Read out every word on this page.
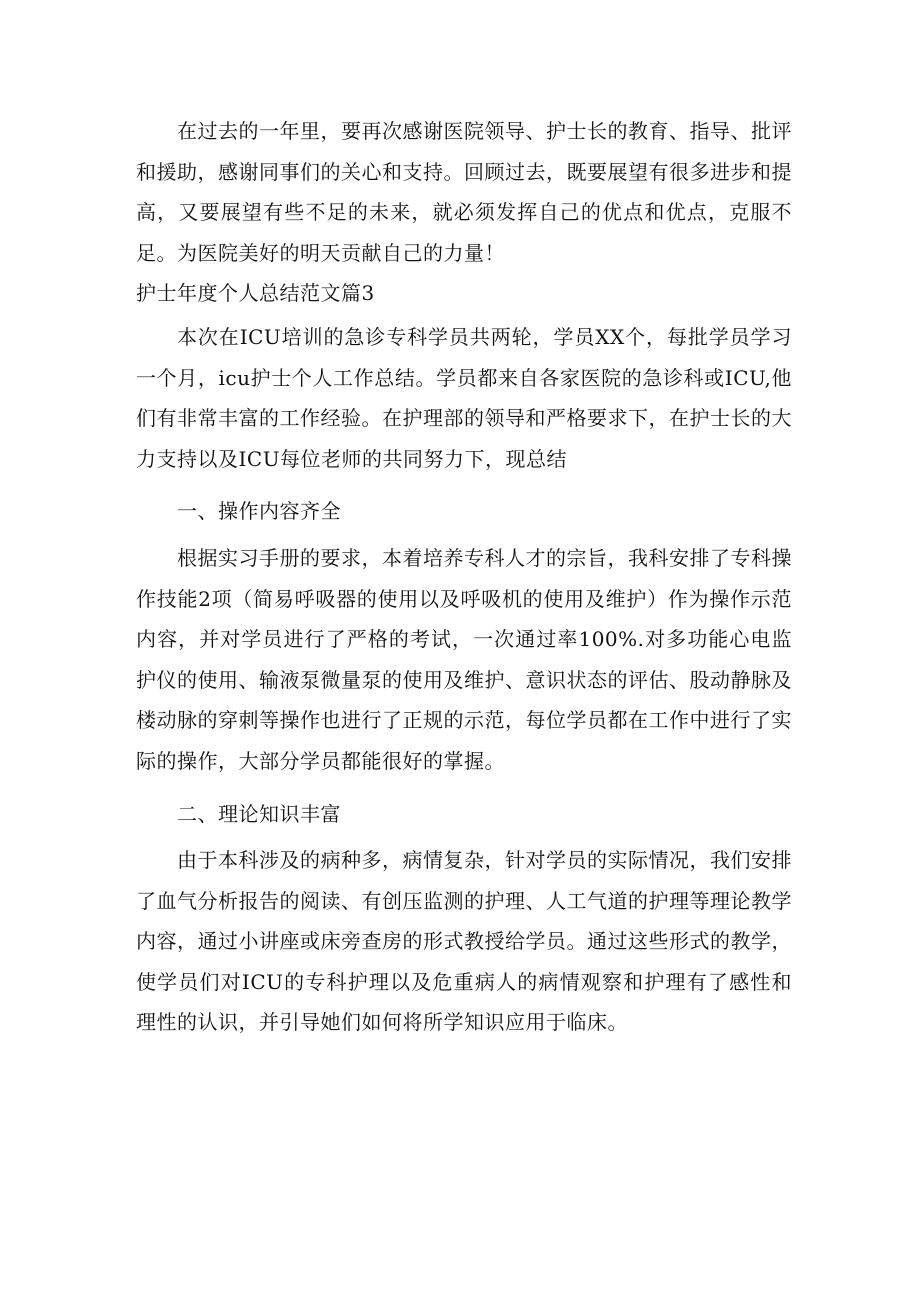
在过去的一年里，要再次感谢医院领导、护士长的教育、指导、批评和援助，感谢同事们的关心和支持。回顾过去，既要展望有很多进步和提高，又要展望有些不足的未来，就必须发挥自己的优点和优点，克服不足。为医院美好的明天贡献自己的力量！

护士年度个人总结范文篇3

本次在ICU培训的急诊专科学员共两轮，学员XX个，每批学员学习一个月，icu护士个人工作总结。学员都来自各家医院的急诊科或ICU,他们有非常丰富的工作经验。在护理部的领导和严格要求下，在护士长的大力支持以及ICU每位老师的共同努力下，现总结

一、操作内容齐全

根据实习手册的要求，本着培养专科人才的宗旨，我科安排了专科操作技能2项（简易呼吸器的使用以及呼吸机的使用及维护）作为操作示范内容，并对学员进行了严格的考试，一次通过率100%.对多功能心电监护仪的使用、输液泵微量泵的使用及维护、意识状态的评估、股动静脉及楼动脉的穿刺等操作也进行了正规的示范，每位学员都在工作中进行了实际的操作，大部分学员都能很好的掌握。

二、理论知识丰富

由于本科涉及的病种多，病情复杂，针对学员的实际情况，我们安排了血气分析报告的阅读、有创压监测的护理、人工气道的护理等理论教学内容，通过小讲座或床旁查房的形式教授给学员。通过这些形式的教学，使学员们对ICU的专科护理以及危重病人的病情观察和护理有了感性和理性的认识，并引导她们如何将所学知识应用于临床。
